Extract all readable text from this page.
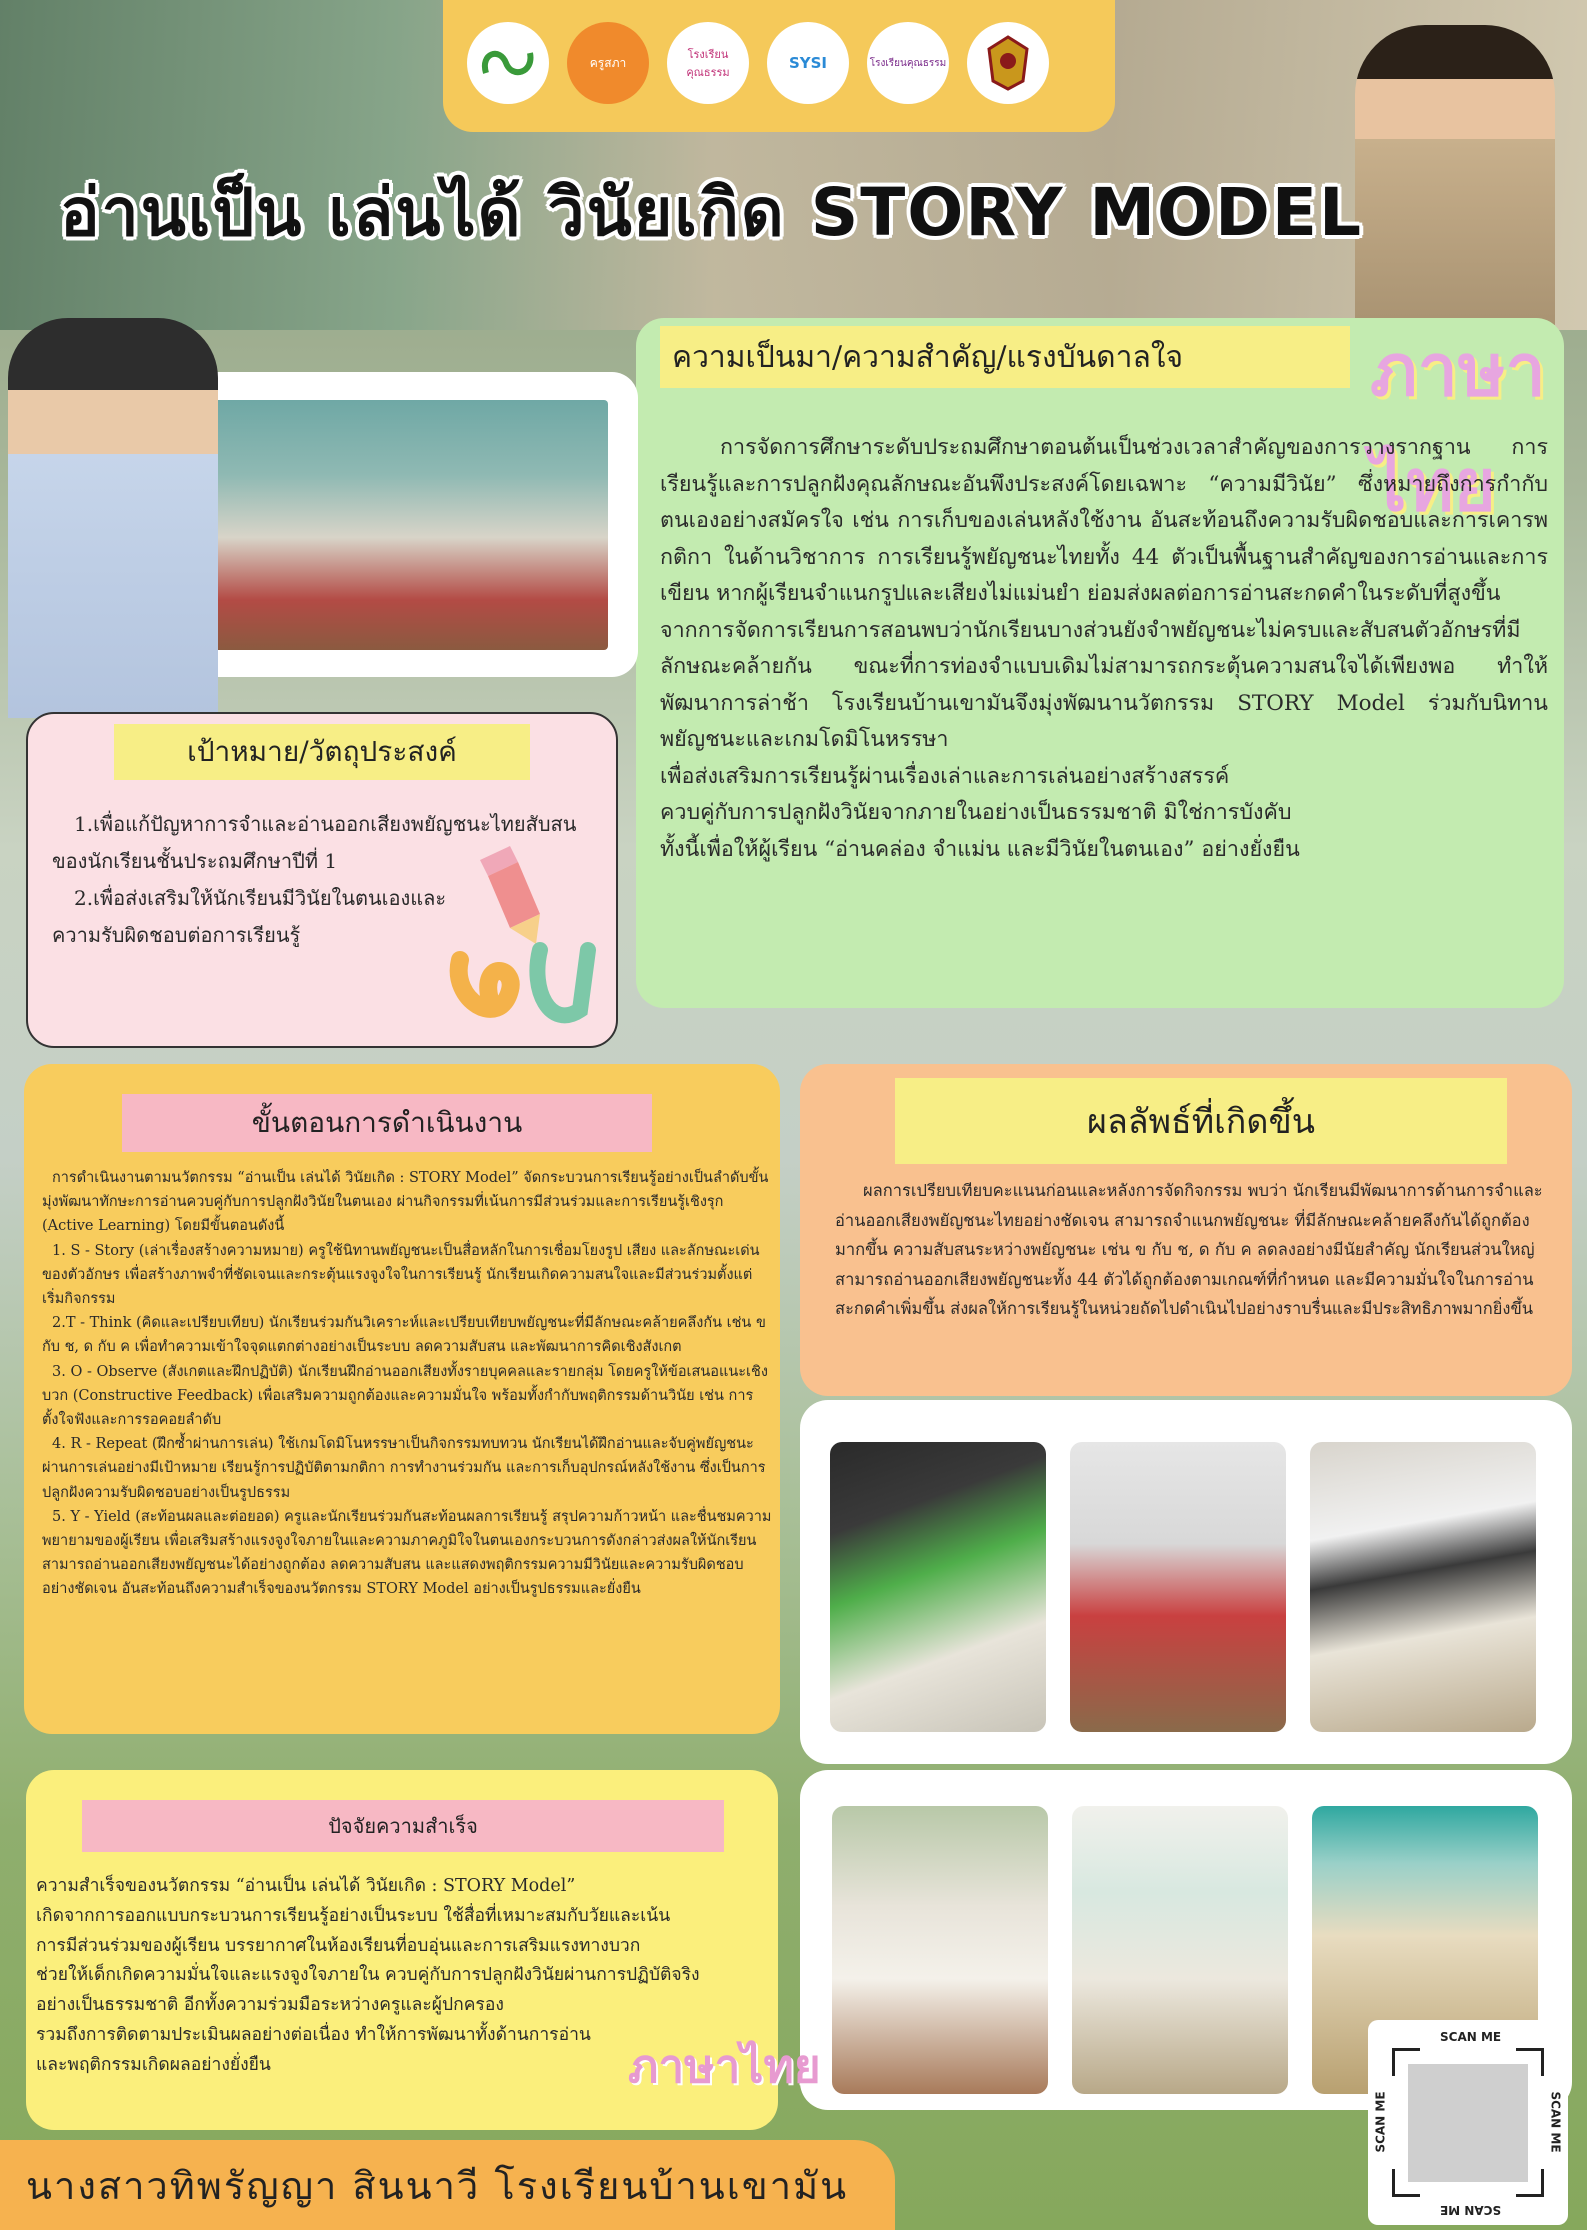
ครูสภา
โรงเรียนคุณธรรม
SYSI	โรงเรียนคุณธรรม
อ่านเป็น เล่นได้ วินัยเกิด STORY MODEL
ความเป็นมา/ความสำคัญ/แรงบันดาลใจ	ภาษาไทย

การจัดการศึกษาระดับประถมศึกษาตอนต้นเป็นช่วงเวลาสำคัญของการวางรากฐาน การเรียนรู้และการปลูกฝังคุณลักษณะอันพึงประสงค์โดยเฉพาะ “ความมีวินัย” ซึ่งหมายถึงการกำกับตนเองอย่างสมัครใจ เช่น การเก็บของเล่นหลังใช้งาน อันสะท้อนถึงความรับผิดชอบและการเคารพกติกา ในด้านวิชาการ การเรียนรู้พยัญชนะไทยทั้ง 44 ตัวเป็นพื้นฐานสำคัญของการอ่านและการเขียน หากผู้เรียนจำแนกรูปและเสียงไม่แม่นยำ ย่อมส่งผลต่อการอ่านสะกดคำในระดับที่สูงขึ้น

จากการจัดการเรียนการสอนพบว่านักเรียนบางส่วนยังจำพยัญชนะไม่ครบและสับสนตัวอักษรที่มีลักษณะคล้ายกัน ขณะที่การท่องจำแบบเดิมไม่สามารถกระตุ้นความสนใจได้เพียงพอ ทำให้พัฒนาการล่าช้า โรงเรียนบ้านเขามันจึงมุ่งพัฒนานวัตกรรม STORY Model ร่วมกับนิทานพยัญชนะและเกมโดมิโนหรรษา

เพื่อส่งเสริมการเรียนรู้ผ่านเรื่องเล่าและการเล่นอย่างสร้างสรรค์

ควบคู่กับการปลูกฝังวินัยจากภายในอย่างเป็นธรรมชาติ มิใช่การบังคับ

ทั้งนี้เพื่อให้ผู้เรียน “อ่านคล่อง จำแม่น และมีวินัยในตนเอง” อย่างยั่งยืน

เป้าหมาย/วัตถุประสงค์

1.เพื่อแก้ปัญหาการจำและอ่านออกเสียงพยัญชนะไทยสับสนของนักเรียนชั้นประถมศึกษาปีที่ 1

2.เพื่อส่งเสริมให้นักเรียนมีวินัยในตนเองและความรับผิดชอบต่อการเรียนรู้

ขั้นตอนการดำเนินงาน

การดำเนินงานตามนวัตกรรม “อ่านเป็น เล่นได้ วินัยเกิด : STORY Model” จัดกระบวนการเรียนรู้อย่างเป็นลำดับขั้น มุ่งพัฒนาทักษะการอ่านควบคู่กับการปลูกฝังวินัยในตนเอง ผ่านกิจกรรมที่เน้นการมีส่วนร่วมและการเรียนรู้เชิงรุก (Active Learning) โดยมีขั้นตอนดังนี้

1. S - Story (เล่าเรื่องสร้างความหมาย) ครูใช้นิทานพยัญชนะเป็นสื่อหลักในการเชื่อมโยงรูป เสียง และลักษณะเด่นของตัวอักษร เพื่อสร้างภาพจำที่ชัดเจนและกระตุ้นแรงจูงใจในการเรียนรู้ นักเรียนเกิดความสนใจและมีส่วนร่วมตั้งแต่เริ่มกิจกรรม

2.T - Think (คิดและเปรียบเทียบ) นักเรียนร่วมกันวิเคราะห์และเปรียบเทียบพยัญชนะที่มีลักษณะคล้ายคลึงกัน เช่น ข กับ ช, ด กับ ค เพื่อทำความเข้าใจจุดแตกต่างอย่างเป็นระบบ ลดความสับสน และพัฒนาการคิดเชิงสังเกต

3. O - Observe (สังเกตและฝึกปฏิบัติ) นักเรียนฝึกอ่านออกเสียงทั้งรายบุคคลและรายกลุ่ม โดยครูให้ข้อเสนอแนะเชิงบวก (Constructive Feedback) เพื่อเสริมความถูกต้องและความมั่นใจ พร้อมทั้งกำกับพฤติกรรมด้านวินัย เช่น การตั้งใจฟังและการรอคอยลำดับ

4. R - Repeat (ฝึกซ้ำผ่านการเล่น) ใช้เกมโดมิโนหรรษาเป็นกิจกรรมทบทวน นักเรียนได้ฝึกอ่านและจับคู่พยัญชนะผ่านการเล่นอย่างมีเป้าหมาย เรียนรู้การปฏิบัติตามกติกา การทำงานร่วมกัน และการเก็บอุปกรณ์หลังใช้งาน ซึ่งเป็นการปลูกฝังความรับผิดชอบอย่างเป็นรูปธรรม

5. Y - Yield (สะท้อนผลและต่อยอด) ครูและนักเรียนร่วมกันสะท้อนผลการเรียนรู้ สรุปความก้าวหน้า และชื่นชมความพยายามของผู้เรียน เพื่อเสริมสร้างแรงจูงใจภายในและความภาคภูมิใจในตนเองกระบวนการดังกล่าวส่งผลให้นักเรียนสามารถอ่านออกเสียงพยัญชนะได้อย่างถูกต้อง ลดความสับสน และแสดงพฤติกรรมความมีวินัยและความรับผิดชอบอย่างชัดเจน อันสะท้อนถึงความสำเร็จของนวัตกรรม STORY Model อย่างเป็นรูปธรรมและยั่งยืน

ผลลัพธ์ที่เกิดขึ้น

ผลการเปรียบเทียบคะแนนก่อนและหลังการจัดกิจกรรม พบว่า นักเรียนมีพัฒนาการด้านการจำและอ่านออกเสียงพยัญชนะไทยอย่างชัดเจน สามารถจำแนกพยัญชนะ ที่มีลักษณะคล้ายคลึงกันได้ถูกต้องมากขึ้น ความสับสนระหว่างพยัญชนะ เช่น ข กับ ช, ด กับ ค ลดลงอย่างมีนัยสำคัญ นักเรียนส่วนใหญ่สามารถอ่านออกเสียงพยัญชนะทั้ง 44 ตัวได้ถูกต้องตามเกณฑ์ที่กำหนด และมีความมั่นใจในการอ่านสะกดคำเพิ่มขึ้น ส่งผลให้การเรียนรู้ในหน่วยถัดไปดำเนินไปอย่างราบรื่นและมีประสิทธิภาพมากยิ่งขึ้น

ปัจจัยความสำเร็จ

ความสำเร็จของนวัตกรรม “อ่านเป็น เล่นได้ วินัยเกิด : STORY Model”

เกิดจากการออกแบบกระบวนการเรียนรู้อย่างเป็นระบบ ใช้สื่อที่เหมาะสมกับวัยและเน้น

การมีส่วนร่วมของผู้เรียน บรรยากาศในห้องเรียนที่อบอุ่นและการเสริมแรงทางบวก

ช่วยให้เด็กเกิดความมั่นใจและแรงจูงใจภายใน ควบคู่กับการปลูกฝังวินัยผ่านการปฏิบัติจริง

อย่างเป็นธรรมชาติ อีกทั้งความร่วมมือระหว่างครูและผู้ปกครอง

รวมถึงการติดตามประเมินผลอย่างต่อเนื่อง ทำให้การพัฒนาทั้งด้านการอ่าน

และพฤติกรรมเกิดผลอย่างยั่งยืน	ภาษาไทย
SCAN ME
SCAN ME
SCAN ME	SCAN ME
นางสาวทิพรัญญา สินนาวี โรงเรียนบ้านเขามัน
